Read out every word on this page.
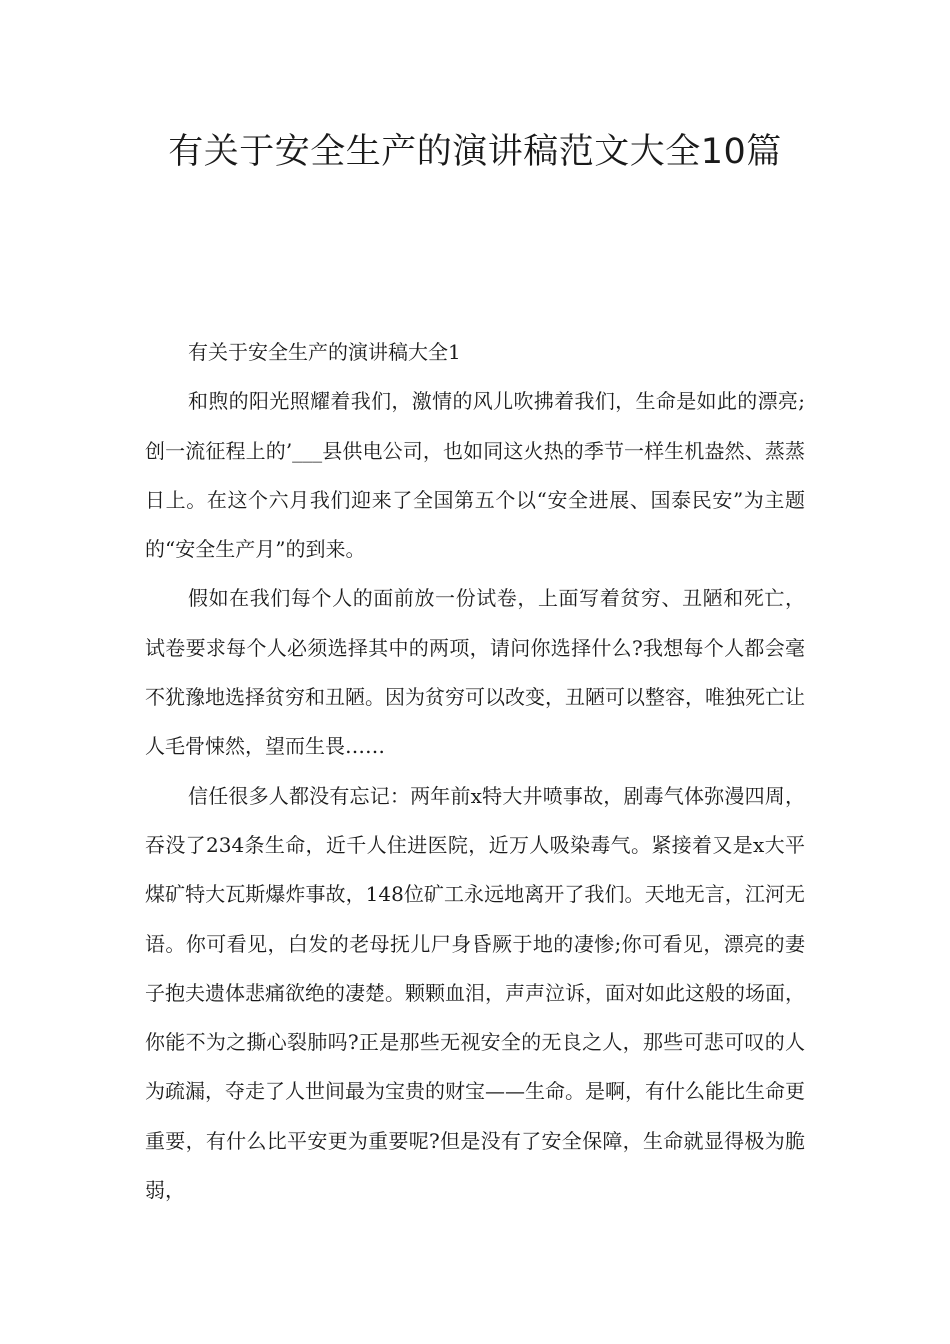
有关于安全生产的演讲稿范文大全10篇

有关于安全生产的演讲稿大全1

和煦的阳光照耀着我们，激情的风儿吹拂着我们，生命是如此的漂亮;创一流征程上的’___县供电公司，也如同这火热的季节一样生机盎然、蒸蒸日上。在这个六月我们迎来了全国第五个以“安全进展、国泰民安”为主题的“安全生产月”的到来。

假如在我们每个人的面前放一份试卷，上面写着贫穷、丑陋和死亡，试卷要求每个人必须选择其中的两项，请问你选择什么?我想每个人都会毫不犹豫地选择贫穷和丑陋。因为贫穷可以改变，丑陋可以整容，唯独死亡让人毛骨悚然，望而生畏……

信任很多人都没有忘记：两年前x特大井喷事故，剧毒气体弥漫四周，吞没了234条生命，近千人住进医院，近万人吸染毒气。紧接着又是x大平煤矿特大瓦斯爆炸事故，148位矿工永远地离开了我们。天地无言，江河无语。你可看见，白发的老母抚儿尸身昏厥于地的凄惨;你可看见，漂亮的妻子抱夫遗体悲痛欲绝的凄楚。颗颗血泪，声声泣诉，面对如此这般的场面，你能不为之撕心裂肺吗?正是那些无视安全的无良之人，那些可悲可叹的人为疏漏，夺走了人世间最为宝贵的财宝——生命。是啊，有什么能比生命更重要，有什么比平安更为重要呢?但是没有了安全保障，生命就显得极为脆弱，
